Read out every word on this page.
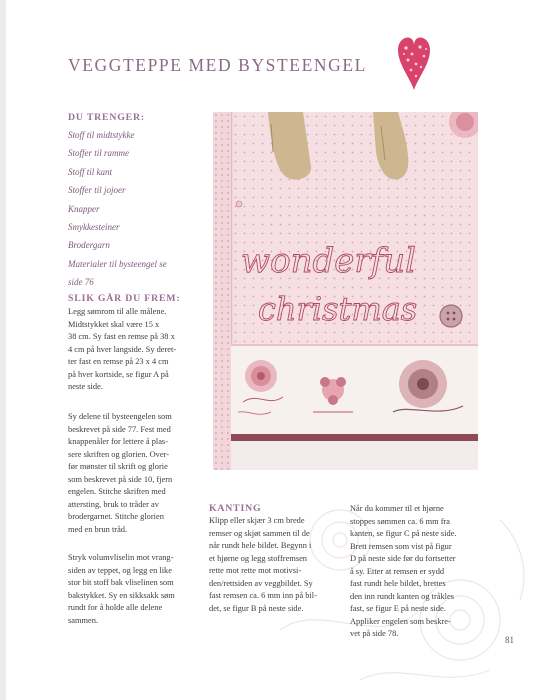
VEGGTEPPE MED BYSTEENGEL
DU TRENGER:
Stoff til midtstykke
Stoffer til ramme
Stoff til kant
Stoffer til jojoer
Knapper
Smykkesteiner
Brodergarn
Materialer til bysteengel se
side 76
SLIK GÅR DU FREM:
Legg sømrom til alle målene.
Midtstykket skal være 15 x
38 cm. Sy fast en remse på 38 x
4 cm på hver langside. Sy deret-
ter fast en remse på 23 x 4 cm
på hver kortside, se figur A på
neste side.
Sy delene til bysteengelen som
beskrevet på side 77. Fest med
knappenåler for lettere å plas-
sere skriften og glorien. Over-
før mønster til skrift og glorie
som beskrevet på side 10, fjern
engelen. Stitche skriften med
attersting, bruk to tråder av
brodergarnet. Stitche glorien
med en brun tråd.
Stryk volumvliselin mot vrang-
siden av teppet, og legg en like
stor bit stoff bak vliselinen som
bakstykket. Sy en sikksakk søm
rundt for å holde alle delene
sammen.
wonderful
christmas
KANTING
Klipp eller skjær 3 cm brede
remser og skjøt sammen til de
når rundt hele bildet. Begynn i
et hjørne og legg stoffremsen
rette mot rette mot motivsi-
den/rettsiden av veggbildet. Sy
fast remsen ca. 6 mm inn på bil-
det, se figur B på neste side.
Når du kommer til et hjørne
stoppes sømmen ca. 6 mm fra
kanten, se figur C på neste side.
Brett remsen som vist på figur
D på neste side før du fortsetter
å sy. Etter at remsen er sydd
fast rundt hele bildet, brettes
den inn rundt kanten og tråkles
fast, se figur E på neste side.
Appliker engelen som beskre-
vet på side 78.
81
